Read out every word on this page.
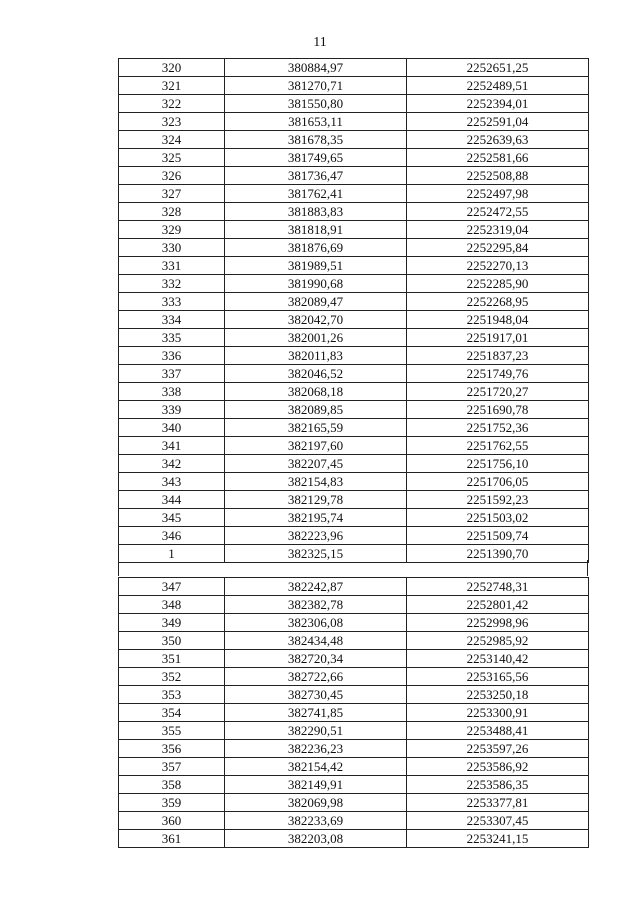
11
320	380884,97	2252651,25
321	381270,71	2252489,51
322	381550,80	2252394,01
323	381653,11	2252591,04
324	381678,35	2252639,63
325	381749,65	2252581,66
326	381736,47	2252508,88
327	381762,41	2252497,98
328	381883,83	2252472,55
329	381818,91	2252319,04
330	381876,69	2252295,84
331	381989,51	2252270,13
332	381990,68	2252285,90
333	382089,47	2252268,95
334	382042,70	2251948,04
335	382001,26	2251917,01
336	382011,83	2251837,23
337	382046,52	2251749,76
338	382068,18	2251720,27
339	382089,85	2251690,78
340	382165,59	2251752,36
341	382197,60	2251762,55
342	382207,45	2251756,10
343	382154,83	2251706,05
344	382129,78	2251592,23
345	382195,74	2251503,02
346	382223,96	2251509,74
1	382325,15	2251390,70
347	382242,87	2252748,31
348	382382,78	2252801,42
349	382306,08	2252998,96
350	382434,48	2252985,92
351	382720,34	2253140,42
352	382722,66	2253165,56
353	382730,45	2253250,18
354	382741,85	2253300,91
355	382290,51	2253488,41
356	382236,23	2253597,26
357	382154,42	2253586,92
358	382149,91	2253586,35
359	382069,98	2253377,81
360	382233,69	2253307,45
361	382203,08	2253241,15
